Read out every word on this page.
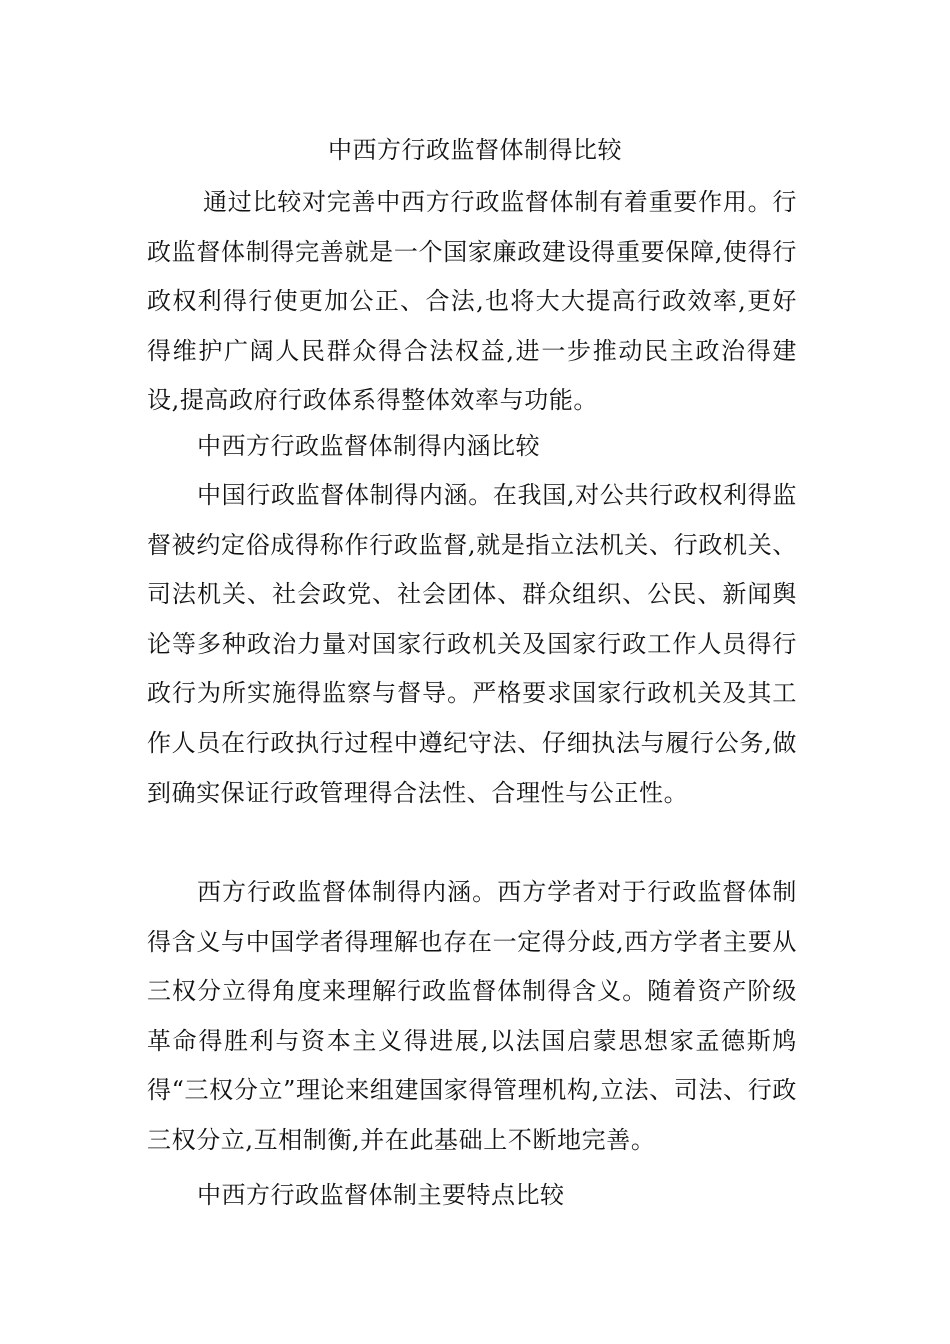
中西方行政监督体制得比较

通过比较对完善中西方行政监督体制有着重要作用。行政监督体制得完善就是一个国家廉政建设得重要保障,使得行政权利得行使更加公正、合法,也将大大提高行政效率,更好得维护广阔人民群众得合法权益,进一步推动民主政治得建设,提高政府行政体系得整体效率与功能。

中西方行政监督体制得内涵比较

中国行政监督体制得内涵。在我国,对公共行政权利得监督被约定俗成得称作行政监督,就是指立法机关、行政机关、司法机关、社会政党、社会团体、群众组织、公民、新闻舆论等多种政治力量对国家行政机关及国家行政工作人员得行政行为所实施得监察与督导。严格要求国家行政机关及其工作人员在行政执行过程中遵纪守法、仔细执法与履行公务,做到确实保证行政管理得合法性、合理性与公正性。

西方行政监督体制得内涵。西方学者对于行政监督体制得含义与中国学者得理解也存在一定得分歧,西方学者主要从三权分立得角度来理解行政监督体制得含义。随着资产阶级革命得胜利与资本主义得进展,以法国启蒙思想家孟德斯鸠得“三权分立”理论来组建国家得管理机构,立法、司法、行政三权分立,互相制衡,并在此基础上不断地完善。

中西方行政监督体制主要特点比较
